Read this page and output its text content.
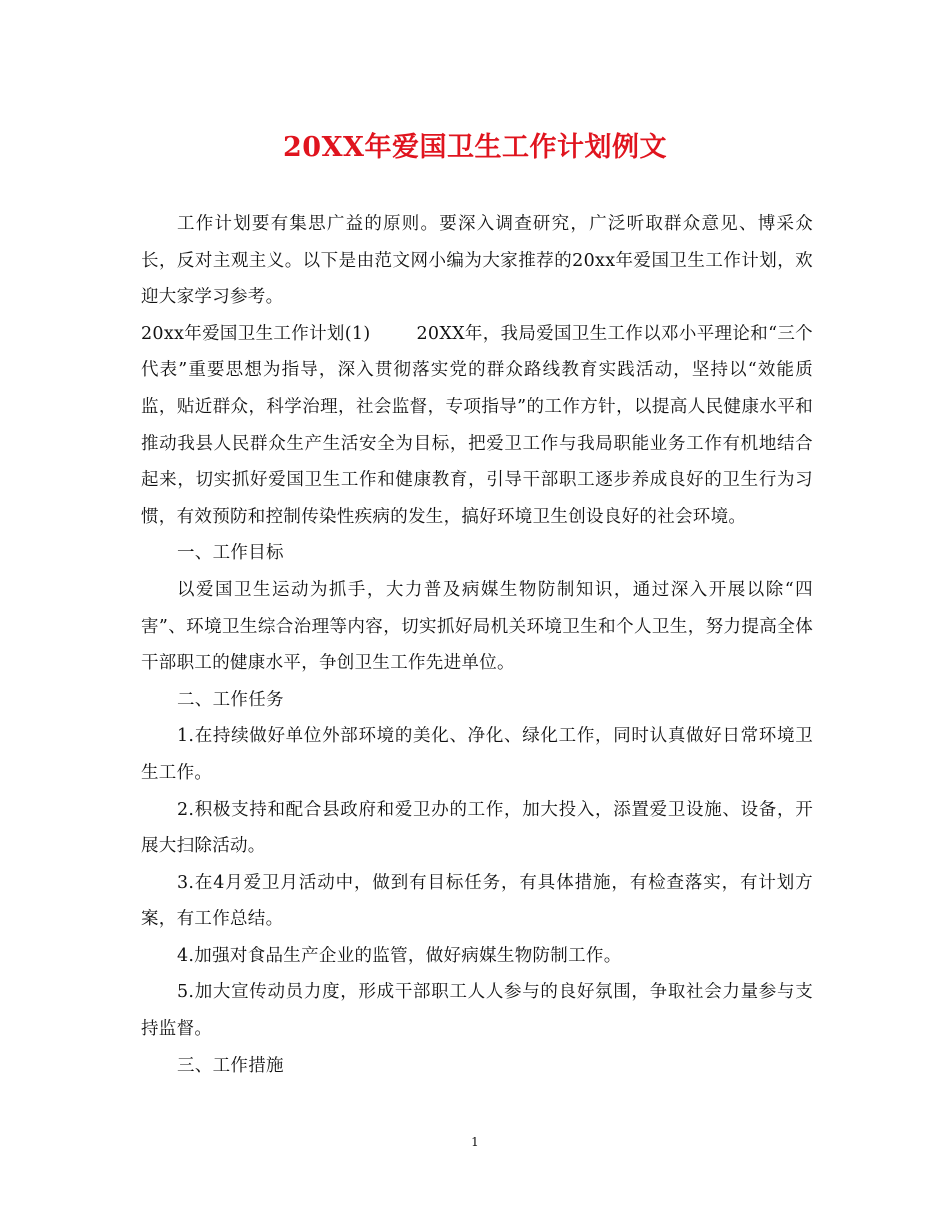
20XX年爱国卫生工作计划例文

工作计划要有集思广益的原则。要深入调查研究，广泛听取群众意见、博采众长，反对主观主义。以下是由范文网小编为大家推荐的20xx年爱国卫生工作计划，欢迎大家学习参考。

20xx年爱国卫生工作计划(1)	20XX年，我局爱国卫生工作以邓小平理论和“三个代表”重要思想为指导，深入贯彻落实党的群众路线教育实践活动，坚持以“效能质监，贴近群众，科学治理，社会监督，专项指导”的工作方针，以提高人民健康水平和推动我县人民群众生产生活安全为目标，把爱卫工作与我局职能业务工作有机地结合起来，切实抓好爱国卫生工作和健康教育，引导干部职工逐步养成良好的卫生行为习惯，有效预防和控制传染性疾病的发生，搞好环境卫生创设良好的社会环境。

一、工作目标

以爱国卫生运动为抓手，大力普及病媒生物防制知识，通过深入开展以除“四害”、环境卫生综合治理等内容，切实抓好局机关环境卫生和个人卫生，努力提高全体干部职工的健康水平，争创卫生工作先进单位。

二、工作任务

1.在持续做好单位外部环境的美化、净化、绿化工作，同时认真做好日常环境卫生工作。

2.积极支持和配合县政府和爱卫办的工作，加大投入，添置爱卫设施、设备，开展大扫除活动。

3.在4月爱卫月活动中，做到有目标任务，有具体措施，有检查落实，有计划方案，有工作总结。

4.加强对食品生产企业的监管，做好病媒生物防制工作。

5.加大宣传动员力度，形成干部职工人人参与的良好氛围，争取社会力量参与支持监督。

三、工作措施

1
